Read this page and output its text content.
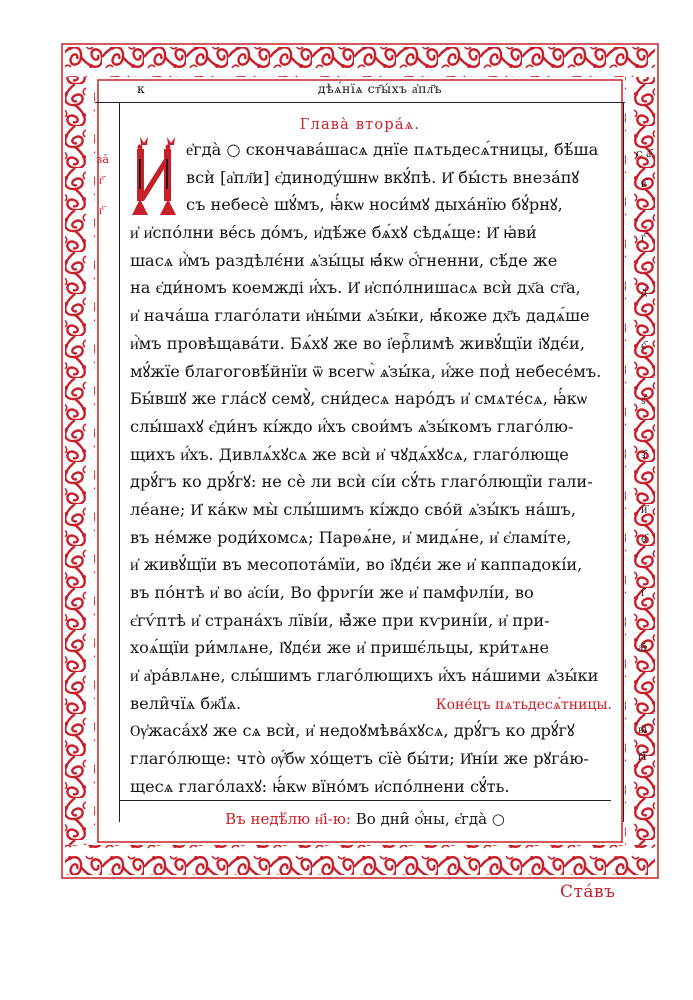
к	дѣѧ́нїѧ ст҃ы́хъ а҆пл҃ъ
Глава̀ втора́ѧ.
за̑
г҃
г҃
с а҃
в҃
г҃
д҃
є҃
ѕ҃
з҃
и҃
ѳ҃
і҃
а҃і
в҃і
г҃і
е҆гда̀ ○ скончава́шасѧ днїе пѧтьдесѧ́тницы, бѣ́ша
всѝ [а҆пл҃и] є҆диноду́шнѡ вкꙋ́пѣ. И҆ бы́сть внеза́пꙋ
съ небесѐ шꙋ́мъ, ꙗ҆́кѡ носи́мꙋ дыха́нїю бꙋ́рнꙋ,
и҆ и҆спо́лни ве́сь до́мъ, и҆дѣ́же бѧ́хꙋ сѣдѧ́ще: И҆ ꙗ҆ви́
шасѧ и҆̀мъ раздѣлє́ни ѧ҆зы́цы ꙗ҆́кѡ ѻ҆́гненни, сѣ́де же
на є҆ди́номъ коемжді и҆́хъ. И҆ и҆спо́лнишасѧ всѝ дх҃а ст҃а,
и҆ нача́ша глаго́лати и҆ны́ми ѧ҆зы́ки, ꙗ҆́коже дх҃ъ дадѧ́ше
и҆̀мъ провѣщава́ти. Бѧ́хꙋ же во і҆ерⷭ҇лимѣ живꙋ́щїи і҆ꙋдє́и,
мꙋ́жїе благоговѣ́йнїи ѿ всегѡ̀ ѧ҆зы́ка, и҆́же под̾ небесе́мъ.
Бы́вшꙋ же гла́сꙋ семꙋ̀, сни́десѧ наро́дъ и҆ смѧте́сѧ, ꙗ҆́кѡ
слы́шахꙋ є҆ди́нъ кі́ждо и҆́хъ свои́мъ ѧ҆зы́комъ глаго́лю-
щихъ и҆́хъ. Дивлѧ́хꙋсѧ же всѝ и҆ чꙋдѧ́хꙋсѧ, глаго́люще
дрꙋ́гъ ко дрꙋ́гꙋ: не сѐ ли всѝ сі́и сꙋ́ть глаго́лющїи гали-
ле́ане; И҆ ка́кѡ мы̀ слы́шимъ кі́ждо сво́й ѧ҆зы́къ на́шъ,
въ не́мже роди́хомсѧ; Парѳѧ́не, и҆ мидѧ́не, и҆ є҆ламі́те,
и҆ живꙋ́щїи въ месопота́мїи, во і҆ꙋдє́и же и҆ каппадокі́и,
въ по́нтѣ и҆ во а҆сі́и, Во фрνгі́и же и҆ памфνлі́и, во
є҆гѵ́птѣ и҆ страна́хъ лїві́и, ꙗ҆̀же при кѵрині́и, и҆ при-
хоѧ́щїи ри́млѧне, І҆ꙋдє́и же и҆ пришє́льцы, кри́тѧне
и҆ а҆ра́влѧне, слы́шимъ глаго́лющихъ и҆́хъ на́шими ѧ҆зы́ки
вели̑чїѧ бж҃їѧ.	Коне́цъ пѧтьдесѧ́тницы.
Ѹ҆жаса́хꙋ же сѧ всѝ, и҆ недоꙋмѣва́хꙋсѧ, дрꙋ́гъ ко дрꙋ́гꙋ
глаго́люще: что̀ ѹ҆́бѡ хо́щетъ сїѐ бы́ти; И҆ні́и же рꙋга́ю-
щесѧ глаго́лахꙋ: ꙗ҆́кѡ вїно́мъ и҆спо́лнени сꙋ́ть.
Въ недѣ́лю н҃і-ю: Во дни̑ ѻ҆́ны, є҆гда̀ ○
Ста́въ
